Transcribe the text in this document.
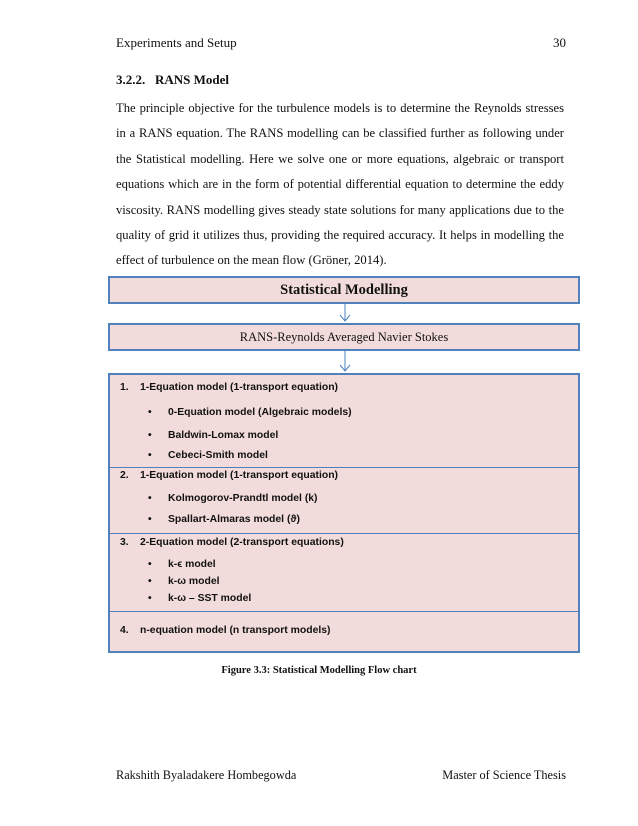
Experiments and Setup	30
3.2.2.   RANS Model

The principle objective for the turbulence models is to determine the Reynolds stresses in a RANS equation. The RANS modelling can be classified further as following under the Statistical modelling. Here we solve one or more equations, algebraic or transport equations which are in the form of potential differential equation to determine the eddy viscosity. RANS modelling gives steady state solutions for many applications due to the quality of grid it utilizes thus, providing the required accuracy. It helps in modelling the effect of turbulence on the mean flow (Gröner, 2014).

Statistical Modelling
RANS-Reynolds Averaged Navier Stokes
1. 1-Equation model (1-transport equation)
• 0-Equation model (Algebraic models)
• Baldwin-Lomax model
• Cebeci-Smith model
2. 1-Equation model (1-transport equation)
• Kolmogorov-Prandtl model (k)
• Spallart-Almaras model (ϑ)
3. 2-Equation model (2-transport equations)
• k-ϵ model
• k-ω model
• k-ω – SST model
4. n-equation model (n transport models)
Figure 3.3: Statistical Modelling Flow chart
Rakshith Byaladakere Hombegowda	Master of Science Thesis
